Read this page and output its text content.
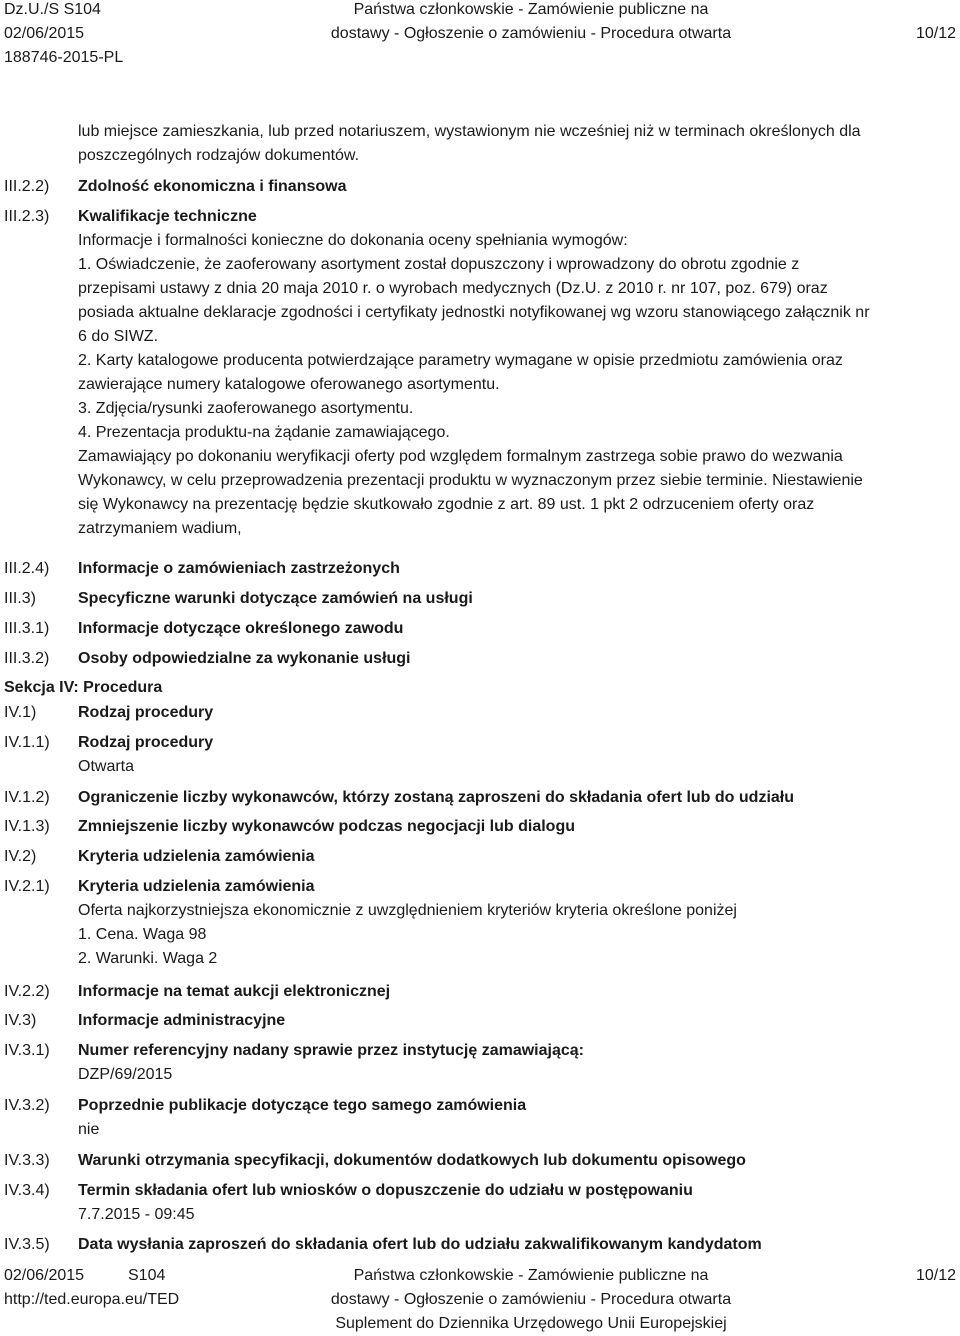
Dz.U./S S104
02/06/2015
188746-2015-PL
Państwa członkowskie - Zamówienie publiczne na
dostawy - Ogłoszenie o zamówieniu - Procedura otwarta
	10/12
lub miejsce zamieszkania, lub przed notariuszem, wystawionym nie wcześniej niż w terminach określonych dla
poszczególnych rodzajów dokumentów.
III.2.2) Zdolność ekonomiczna i finansowa
III.2.3) Kwalifikacje techniczne
Informacje i formalności konieczne do dokonania oceny spełniania wymogów:
1. Oświadczenie, że zaoferowany asortyment został dopuszczony i wprowadzony do obrotu zgodnie z
przepisami ustawy z dnia 20 maja 2010 r. o wyrobach medycznych (Dz.U. z 2010 r. nr 107, poz. 679) oraz
posiada aktualne deklaracje zgodności i certyfikaty jednostki notyfikowanej wg wzoru stanowiącego załącznik nr
6 do SIWZ.
2. Karty katalogowe producenta potwierdzające parametry wymagane w opisie przedmiotu zamówienia oraz
zawierające numery katalogowe oferowanego asortymentu.
3. Zdjęcia/rysunki zaoferowanego asortymentu.
4. Prezentacja produktu-na żądanie zamawiającego.
Zamawiający po dokonaniu weryfikacji oferty pod względem formalnym zastrzega sobie prawo do wezwania
Wykonawcy, w celu przeprowadzenia prezentacji produktu w wyznaczonym przez siebie terminie. Niestawienie
się Wykonawcy na prezentację będzie skutkowało zgodnie z art. 89 ust. 1 pkt 2 odrzuceniem oferty oraz
zatrzymaniem wadium,
III.2.4) Informacje o zamówieniach zastrzeżonych
III.3)	Specyficzne warunki dotyczące zamówień na usługi
III.3.1) Informacje dotyczące określonego zawodu
III.3.2) Osoby odpowiedzialne za wykonanie usługi
Sekcja IV: Procedura
IV.1)	Rodzaj procedury
IV.1.1) Rodzaj procedury
Otwarta
IV.1.2) Ograniczenie liczby wykonawców, którzy zostaną zaproszeni do składania ofert lub do udziału
IV.1.3) Zmniejszenie liczby wykonawców podczas negocjacji lub dialogu
IV.2)	Kryteria udzielenia zamówienia
IV.2.1) Kryteria udzielenia zamówienia
Oferta najkorzystniejsza ekonomicznie z uwzględnieniem kryteriów kryteria określone poniżej
1. Cena. Waga 98
2. Warunki. Waga 2
IV.2.2) Informacje na temat aukcji elektronicznej
IV.3)	Informacje administracyjne
IV.3.1) Numer referencyjny nadany sprawie przez instytucję zamawiającą:
DZP/69/2015
IV.3.2) Poprzednie publikacje dotyczące tego samego zamówienia
nie
IV.3.3) Warunki otrzymania specyfikacji, dokumentów dodatkowych lub dokumentu opisowego
IV.3.4) Termin składania ofert lub wniosków o dopuszczenie do udziału w postępowaniu
7.7.2015 - 09:45
IV.3.5) Data wysłania zaproszeń do składania ofert lub do udziału zakwalifikowanym kandydatom
02/06/2015	S104
http://ted.europa.eu/TED
Państwa członkowskie - Zamówienie publiczne na
dostawy - Ogłoszenie o zamówieniu - Procedura otwarta
Suplement do Dziennika Urzędowego Unii Europejskiej
10/12
